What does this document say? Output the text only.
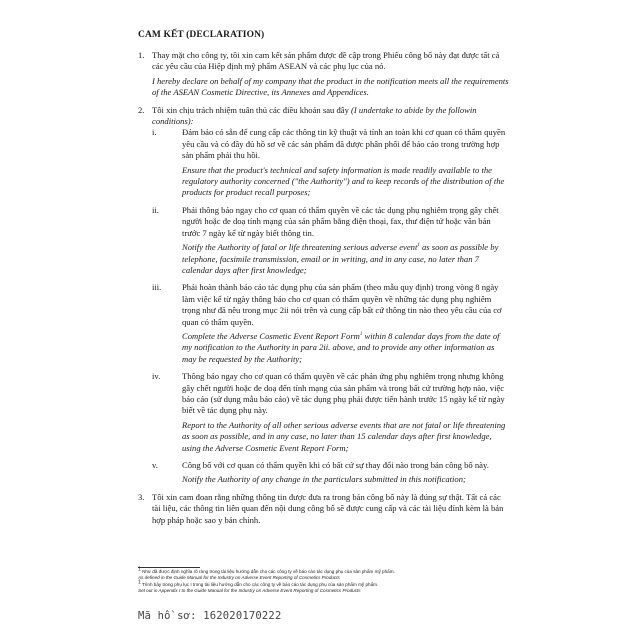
CAM KẾT (DECLARATION)

1. Thay mặt cho công ty, tôi xin cam kết sản phẩm được đề cập trong Phiếu công bố này đạt được tất cả các yêu cầu của Hiệp định mỹ phẩm ASEAN và các phụ lục của nó.

I hereby declare on behalf of my company that the product in the notification meets all the requirements of the ASEAN Cosmetic Directive, its Annexes and Appendices.

2. Tôi xin chịu trách nhiệm tuân thủ các điều khoản sau đây (I undertake to abide by the followin conditions):

i.	Đảm bảo có sẵn để cung cấp các thông tin kỹ thuật và tính an toàn khi cơ quan có thẩm quyền yêu cầu và có đầy đủ hồ sơ về các sản phẩm đã được phân phối để báo cáo trong trường hợp sản phẩm phải thu hồi.

Ensure that the product's technical and safety information is made readily available to the regulatory authority concerned ("the Authority") and to keep records of the distribution of the products for product recall purposes;

ii.	Phải thông báo ngay cho cơ quan có thẩm quyền về các tác dụng phụ nghiêm trọng gây chết người hoặc đe doạ tính mạng của sản phẩm bằng điện thoại, fax, thư điện tử hoặc văn bản trước 7 ngày kể từ ngày biết thông tin.

Notify the Authority of fatal or life threatening serious adverse event$^1$ as soon as possible by telephone, facsimile transmission, email or in writing, and in any case, no later than 7 calendar days after first knowledge;

iii. Phải hoàn thành báo cáo tác dụng phụ của sản phẩm (theo mẫu quy định) trong vòng 8 ngày làm việc kể từ ngày thông báo cho cơ quan có thẩm quyền về những tác dụng phụ nghiêm trọng như đã nêu trong mục 2ii nói trên và cung cấp bất cứ thông tin nào theo yêu cầu của cơ quan có thẩm quyền.

Complete the Adverse Cosmetic Event Report Form$^1$ within 8 calendar days from the date of my notification to the Authority in para 2ii. above, and to provide any other information as may be requested by the Authority;

iv.	Thông báo ngay cho cơ quan có thẩm quyền về các phản ứng phụ nghiêm trọng nhưng không gây chết người hoặc đe doạ đến tính mạng của sản phẩm và trong bất cứ trường hợp nào, việc báo cáo (sử dụng mẫu báo cáo) về tác dụng phụ phải được tiến hành trước 15 ngày kể từ ngày biết về tác dụng phụ này.

Report to the Authority of all other serious adverse events that are not fatal or life threatening as soon as possible, and in any case, no later than 15 calendar days after first knowledge, using the Adverse Cosmetic Event Report Form;

v.	Công bố với cơ quan có thẩm quyền khi có bất cứ sự thay đổi nào trong bản công bố này.

Notify the Authority of any change in the particulars submitted in this notification;

3. Tôi xin cam đoan rằng những thông tin được đưa ra trong bản công bố này là đúng sự thật. Tất cả các tài liệu, các thông tin liên quan đến nội dung công bố sẽ được cung cấp và các tài liệu đính kèm là bản hợp pháp hoặc sao y bản chính.

$^1$ Như đã được định nghĩa rõ ràng trong tài liệu hướng dẫn cho các công ty về báo cáo tác dụng phụ của sản phẩm mỹ phẩm.

As defined in the Guide Manual for the Industry on Adverse Event Reporting of Cosmetics Products

$^1$ Trình bày trong phụ lục I trong tài liệu hướng dẫn cho các công ty về báo cáo tác dụng phụ của sản phẩm mỹ phẩm.

Set out in Appendix I to the Guide Manual for the Industry on Adverse Event Reporting of Cosmetics Products

Mã hồ sơ: 162020170222
